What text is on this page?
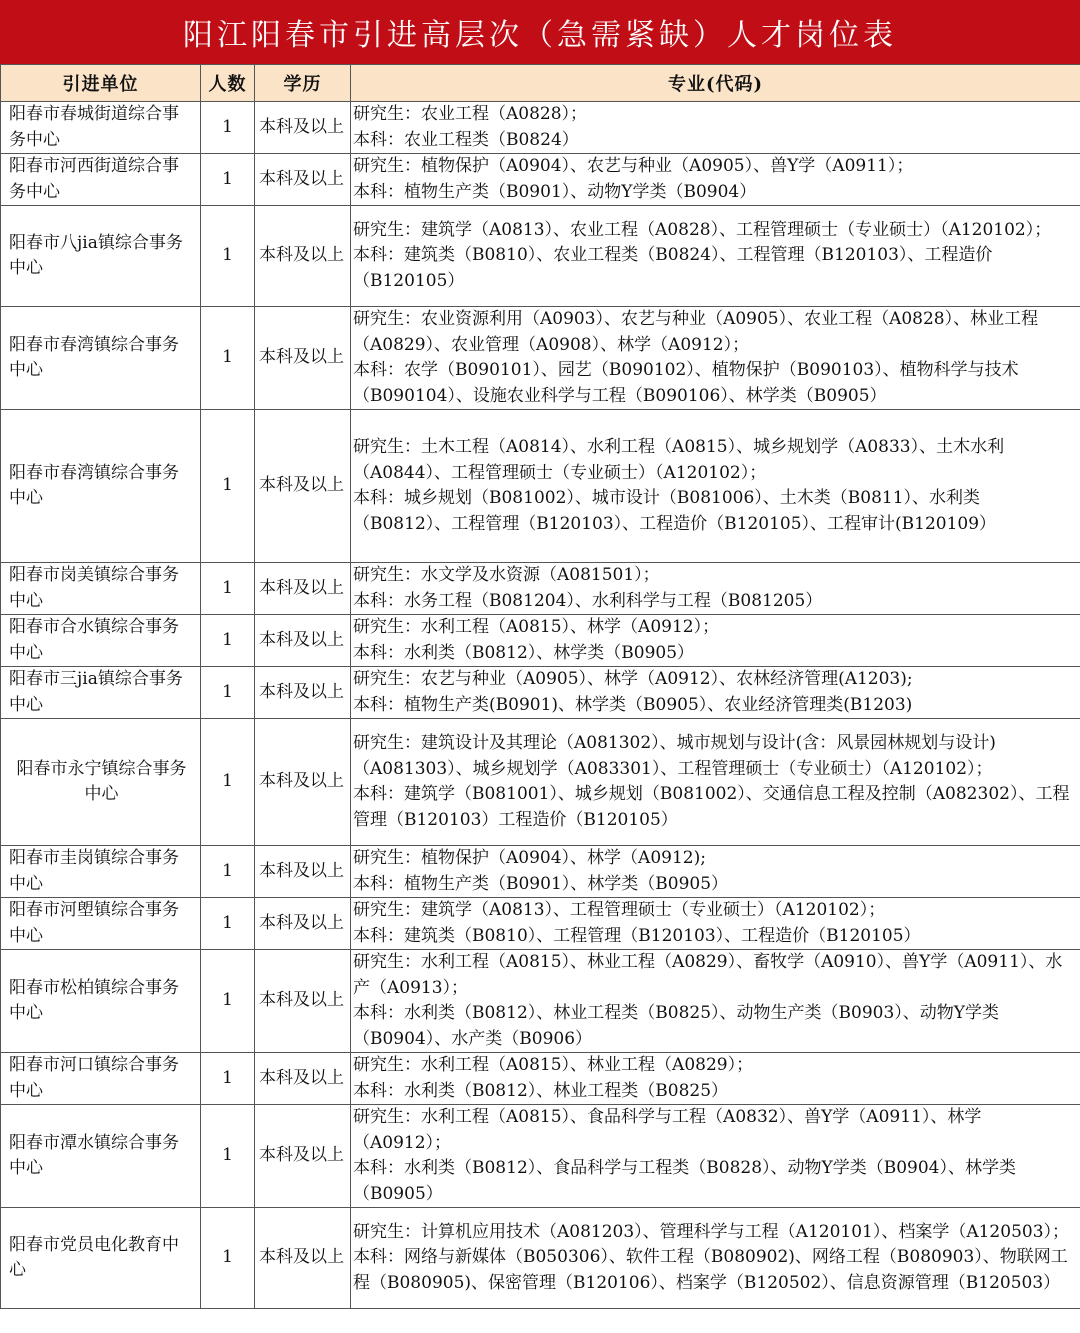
阳江阳春市引进高层次（急需紧缺）人才岗位表
引进单位	人数	学历	专业(代码)
阳春市春城街道综合事务中心	1	本科及以上	研究生：农业工程（A0828）；
本科：农业工程类（B0824）

阳春市河西街道综合事务中心	1	本科及以上	研究生：植物保护（A0904）、农艺与种业（A0905）、兽Y学（A0911）；
本科：植物生产类（B0901）、动物Y学类（B0904）

阳春市八jia镇综合事务中心	1	本科及以上	研究生：建筑学（A0813）、农业工程（A0828）、工程管理硕士（专业硕士）（A120102）；
本科：建筑类（B0810）、农业工程类（B0824）、工程管理（B120103）、工程造价（B120105）

阳春市春湾镇综合事务中心	1	本科及以上	研究生：农业资源利用（A0903）、农艺与种业（A0905）、农业工程（A0828）、林业工程（A0829）、农业管理（A0908）、林学（A0912）；
本科：农学（B090101）、园艺（B090102）、植物保护（B090103）、植物科学与技术（B090104）、设施农业科学与工程（B090106）、林学类（B0905）

阳春市春湾镇综合事务中心	1	本科及以上	研究生：土木工程（A0814）、水利工程（A0815）、城乡规划学（A0833）、土木水利（A0844）、工程管理硕士（专业硕士）（A120102）；
本科：城乡规划（B081002）、城市设计（B081006）、土木类（B0811）、水利类（B0812）、工程管理（B120103）、工程造价（B120105）、工程审计(B120109）

阳春市岗美镇综合事务中心	1	本科及以上	研究生：水文学及水资源（A081501）；
本科：水务工程（B081204）、水利科学与工程（B081205）

阳春市合水镇综合事务中心	1	本科及以上	研究生：水利工程（A0815）、林学（A0912）；
本科：水利类（B0812）、林学类（B0905）

阳春市三jia镇综合事务中心	1	本科及以上	研究生：农艺与种业（A0905）、林学（A0912）、农林经济管理(A1203);
本科：植物生产类(B0901)、林学类（B0905）、农业经济管理类(B1203)

阳春市永宁镇综合事务中心	1	本科及以上	研究生：建筑设计及其理论（A081302）、城市规划与设计(含：风景园林规划与设计)（A081303）、城乡规划学（A083301）、工程管理硕士（专业硕士）（A120102）；
本科：建筑学（B081001）、城乡规划（B081002）、交通信息工程及控制（A082302）、工程管理（B120103）工程造价（B120105）

阳春市圭岗镇综合事务中心	1	本科及以上	研究生：植物保护（A0904）、林学（A0912);
本科：植物生产类（B0901）、林学类（B0905）

阳春市河塱镇综合事务中心	1	本科及以上	研究生：建筑学（A0813）、工程管理硕士（专业硕士）（A120102）；
本科：建筑类（B0810）、工程管理（B120103）、工程造价（B120105）

阳春市松柏镇综合事务中心	1	本科及以上	研究生：水利工程（A0815）、林业工程（A0829）、畜牧学（A0910）、兽Y学（A0911）、水产（A0913）；
本科：水利类（B0812）、林业工程类（B0825）、动物生产类（B0903）、动物Y学类（B0904）、水产类（B0906）

阳春市河口镇综合事务中心	1	本科及以上	研究生：水利工程（A0815）、林业工程（A0829）；
本科：水利类（B0812）、林业工程类（B0825）

阳春市潭水镇综合事务中心	1	本科及以上	研究生：水利工程（A0815）、食品科学与工程（A0832）、兽Y学（A0911）、林学（A0912）；
本科：水利类（B0812）、食品科学与工程类（B0828）、动物Y学类（B0904）、林学类（B0905）

阳春市党员电化教育中心	1	本科及以上	研究生：计算机应用技术（A081203）、管理科学与工程（A120101）、档案学（A120503）；
本科：网络与新媒体（B050306）、软件工程（B080902)、网络工程（B080903）、物联网工程（B080905)、保密管理（B120106）、档案学（B120502）、信息资源管理（B120503）
